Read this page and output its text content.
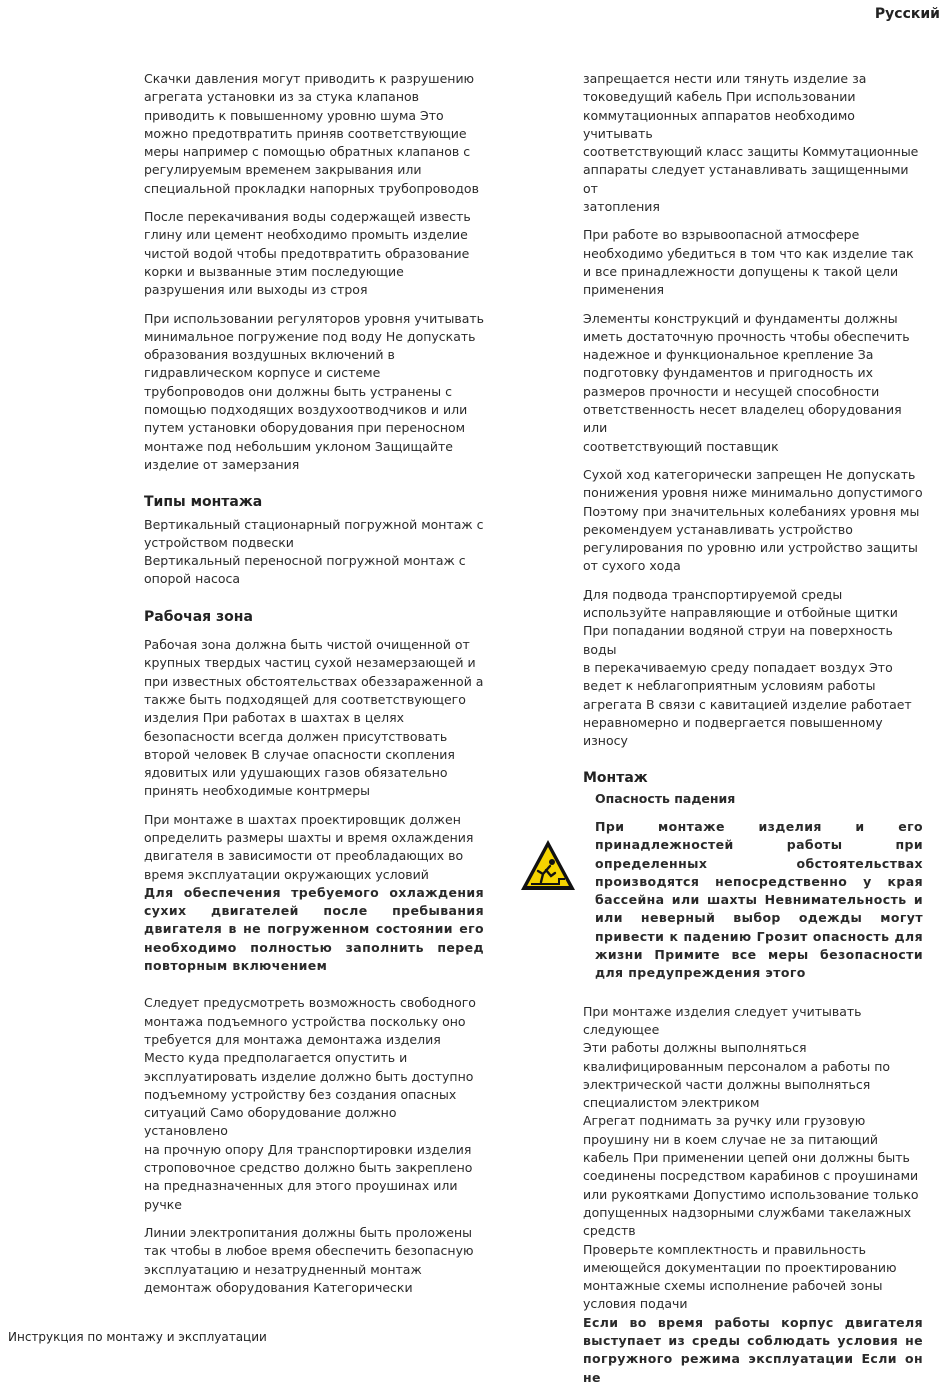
Русский

Скачки давления могут приводить к разрушению
агрегата установки из за стука клапанов
приводить к повышенному уровню шума Это
можно предотвратить приняв соответствующие
меры например с помощью обратных клапанов с
регулируемым временем закрывания или
специальной прокладки напорных трубопроводов

После перекачивания воды содержащей известь
глину или цемент необходимо промыть изделие
чистой водой чтобы предотвратить образование
корки и вызванные этим последующие
разрушения или выходы из строя

При использовании регуляторов уровня учитывать
минимальное погружение под воду Не допускать
образования воздушных включений в
гидравлическом корпусе и системе
трубопроводов они должны быть устранены с
помощью подходящих воздухоотводчиков и или
путем установки оборудования при переносном
монтаже под небольшим уклоном Защищайте
изделие от замерзания

Типы монтажа

Вертикальный стационарный погружной монтаж с
устройством подвески

Вертикальный переносной погружной монтаж с
опорой насоса

Рабочая зона

Рабочая зона должна быть чистой очищенной от
крупных твердых частиц сухой незамерзающей и
при известных обстоятельствах обеззараженной а
также быть подходящей для соответствующего
изделия При работах в шахтах в целях
безопасности всегда должен присутствовать
второй человек В случае опасности скопления
ядовитых или удушающих газов обязательно
принять необходимые контрмеры

При монтаже в шахтах проектировщик должен
определить размеры шахты и время охлаждения
двигателя в зависимости от преобладающих во
время эксплуатации окружающих условий

Для обеспечения требуемого охлаждения сухих двигателей после пребывания двигателя в не погруженном состоянии его необходимо полностью заполнить перед повторным включением

Следует предусмотреть возможность свободного
монтажа подъемного устройства поскольку оно
требуется для монтажа демонтажа изделия
Место куда предполагается опустить и
эксплуатировать изделие должно быть доступно
подъемному устройству без создания опасных
ситуаций Само оборудование должно установлено
на прочную опору Для транспортировки изделия
строповочное средство должно быть закреплено
на предназначенных для этого проушинах или
ручке

Линии электропитания должны быть проложены
так чтобы в любое время обеспечить безопасную
эксплуатацию и незатрудненный монтаж
демонтаж оборудования Категорически

запрещается нести или тянуть изделие за
токоведущий кабель При использовании
коммутационных аппаратов необходимо учитывать
соответствующий класс защиты Коммутационные
аппараты следует устанавливать защищенными от
затопления

При работе во взрывоопасной атмосфере
необходимо убедиться в том что как изделие так
и все принадлежности допущены к такой цели
применения

Элементы конструкций и фундаменты должны
иметь достаточную прочность чтобы обеспечить
надежное и функциональное крепление За
подготовку фундаментов и пригодность их
размеров прочности и несущей способности
ответственность несет владелец оборудования или
соответствующий поставщик

Сухой ход категорически запрещен Не допускать
понижения уровня ниже минимально допустимого
Поэтому при значительных колебаниях уровня мы
рекомендуем устанавливать устройство
регулирования по уровню или устройство защиты
от сухого хода

Для подвода транспортируемой среды
используйте направляющие и отбойные щитки
При попадании водяной струи на поверхность воды
в перекачиваемую среду попадает воздух Это
ведет к неблагоприятным условиям работы
агрегата В связи с кавитацией изделие работает
неравномерно и подвергается повышенному
износу

Монтаж

Опасность падения

При монтаже изделия и его принадлежностей работы при определенных обстоятельствах производятся непосредственно у края бассейна или шахты Невнимательность и или неверный выбор одежды могут привести к падению Грозит опасность для жизни Примите все меры безопасности для предупреждения этого

При монтаже изделия следует учитывать
следующее
Эти работы должны выполняться
квалифицированным персоналом а работы по
электрической части должны выполняться
специалистом электриком
Агрегат поднимать за ручку или грузовую
проушину ни в коем случае не за питающий
кабель При применении цепей они должны быть
соединены посредством карабинов с проушинами
или рукоятками Допустимо использование только
допущенных надзорными службами такелажных
средств
Проверьте комплектность и правильность
имеющейся документации по проектированию
монтажные схемы исполнение рабочей зоны
условия подачи

Если во время работы корпус двигателя выступает из среды соблюдать условия не погружного режима эксплуатации Если он не

Инструкция по монтажу и эксплуатации
